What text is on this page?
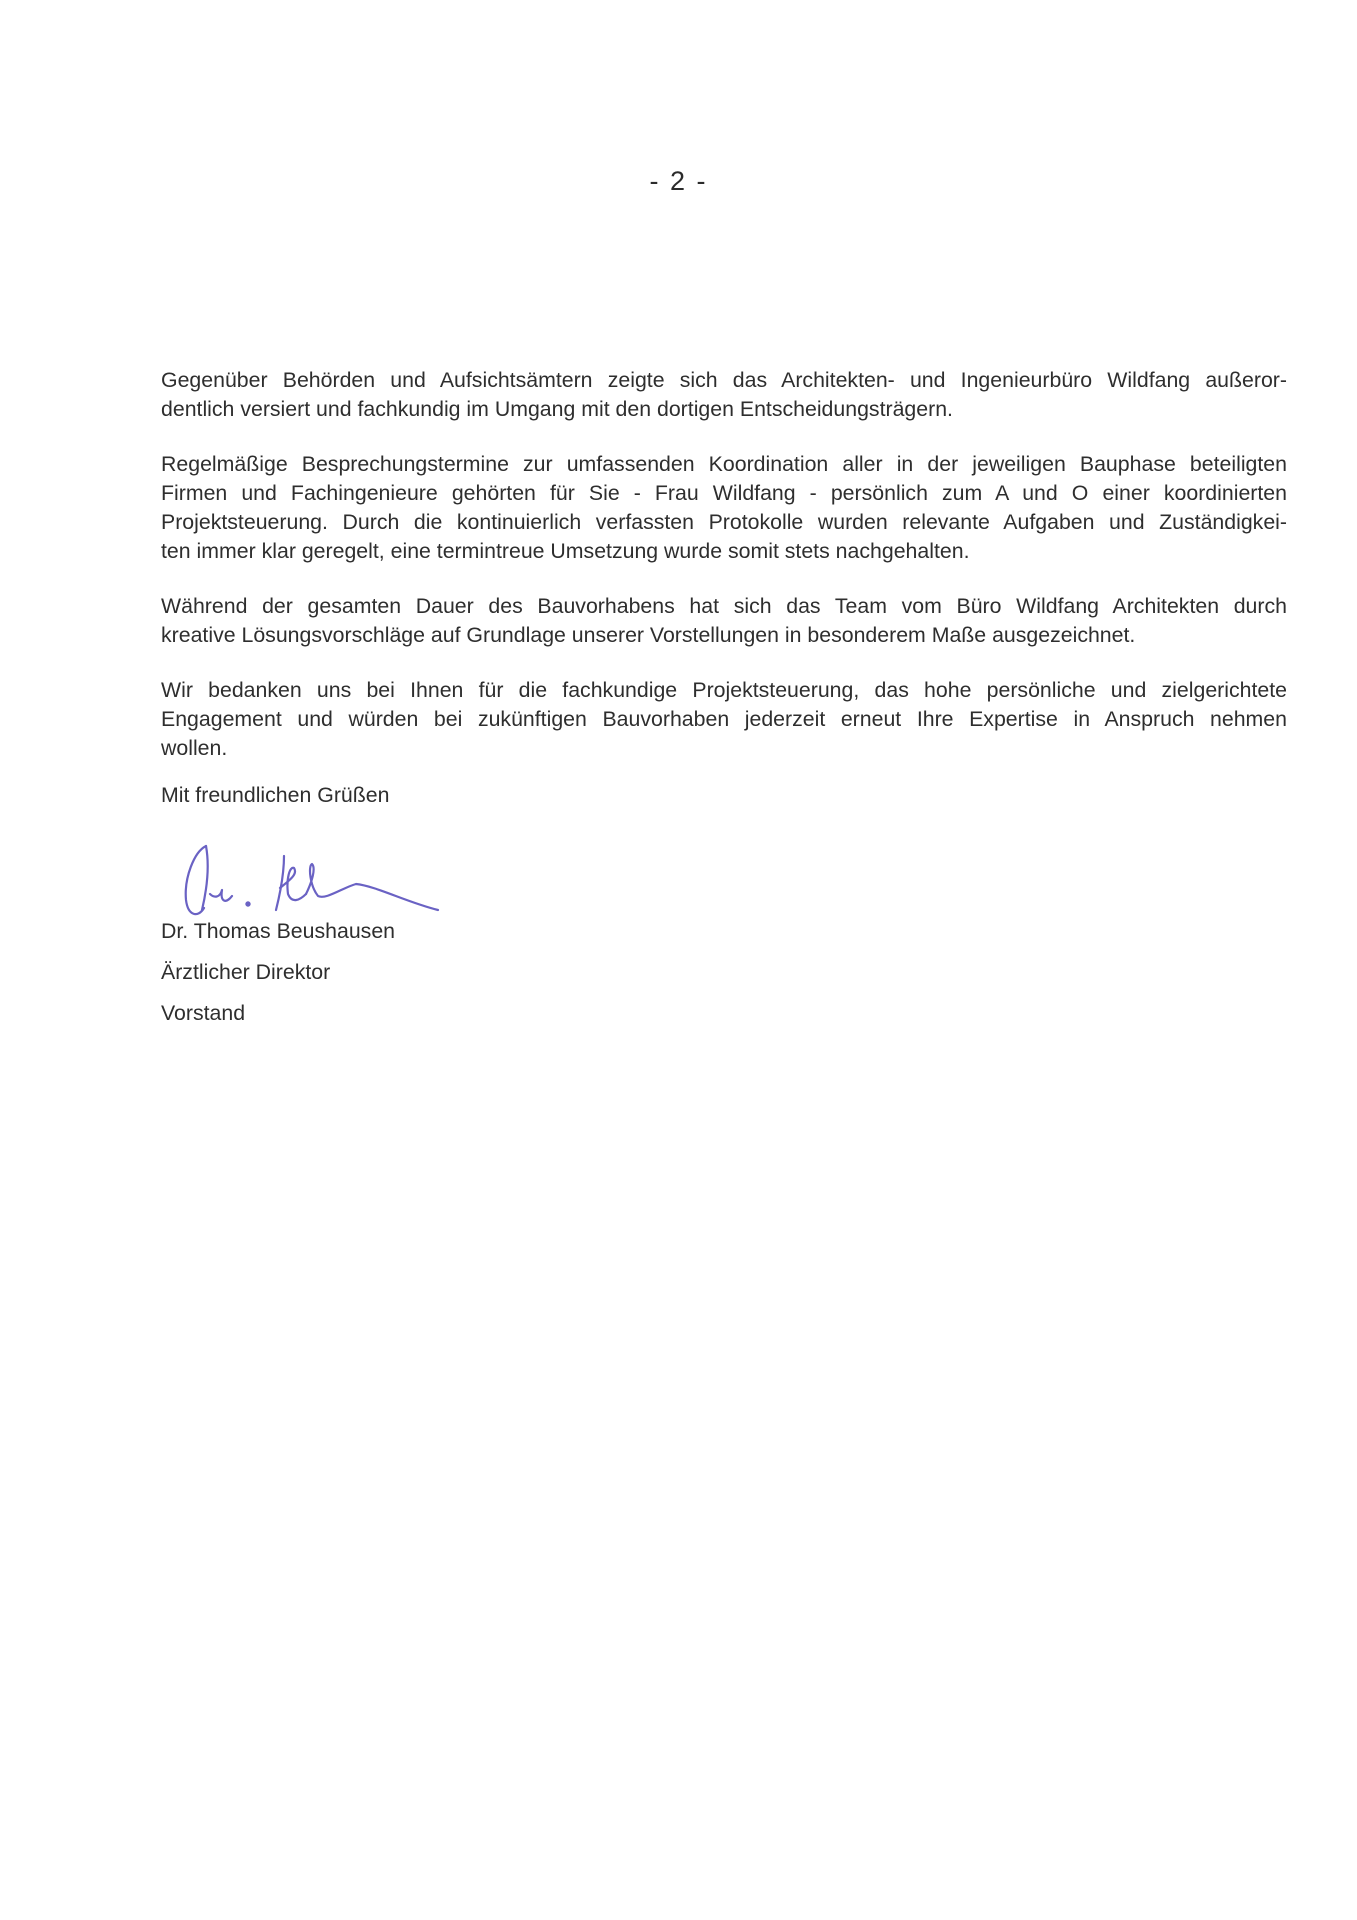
- 2 -

Gegenüber Behörden und Aufsichtsämtern zeigte sich das Architekten- und Ingenieurbüro Wildfang außeror-
dentlich versiert und fachkundig im Umgang mit den dortigen Entscheidungsträgern.

Regelmäßige Besprechungstermine zur umfassenden Koordination aller in der jeweiligen Bauphase beteiligten
Firmen und Fachingenieure gehörten für Sie - Frau Wildfang - persönlich zum A und O einer koordinierten
Projektsteuerung. Durch die kontinuierlich verfassten Protokolle wurden relevante Aufgaben und Zuständigkei-
ten immer klar geregelt, eine termintreue Umsetzung wurde somit stets nachgehalten.

Während der gesamten Dauer des Bauvorhabens hat sich das Team vom Büro Wildfang Architekten durch
kreative Lösungsvorschläge auf Grundlage unserer Vorstellungen in besonderem Maße ausgezeichnet.

Wir bedanken uns bei Ihnen für die fachkundige Projektsteuerung, das hohe persönliche und zielgerichtete
Engagement und würden bei zukünftigen Bauvorhaben jederzeit erneut Ihre Expertise in Anspruch nehmen
wollen.

Mit freundlichen Grüßen
Dr. Thomas Beushausen
Ärztlicher Direktor
Vorstand
